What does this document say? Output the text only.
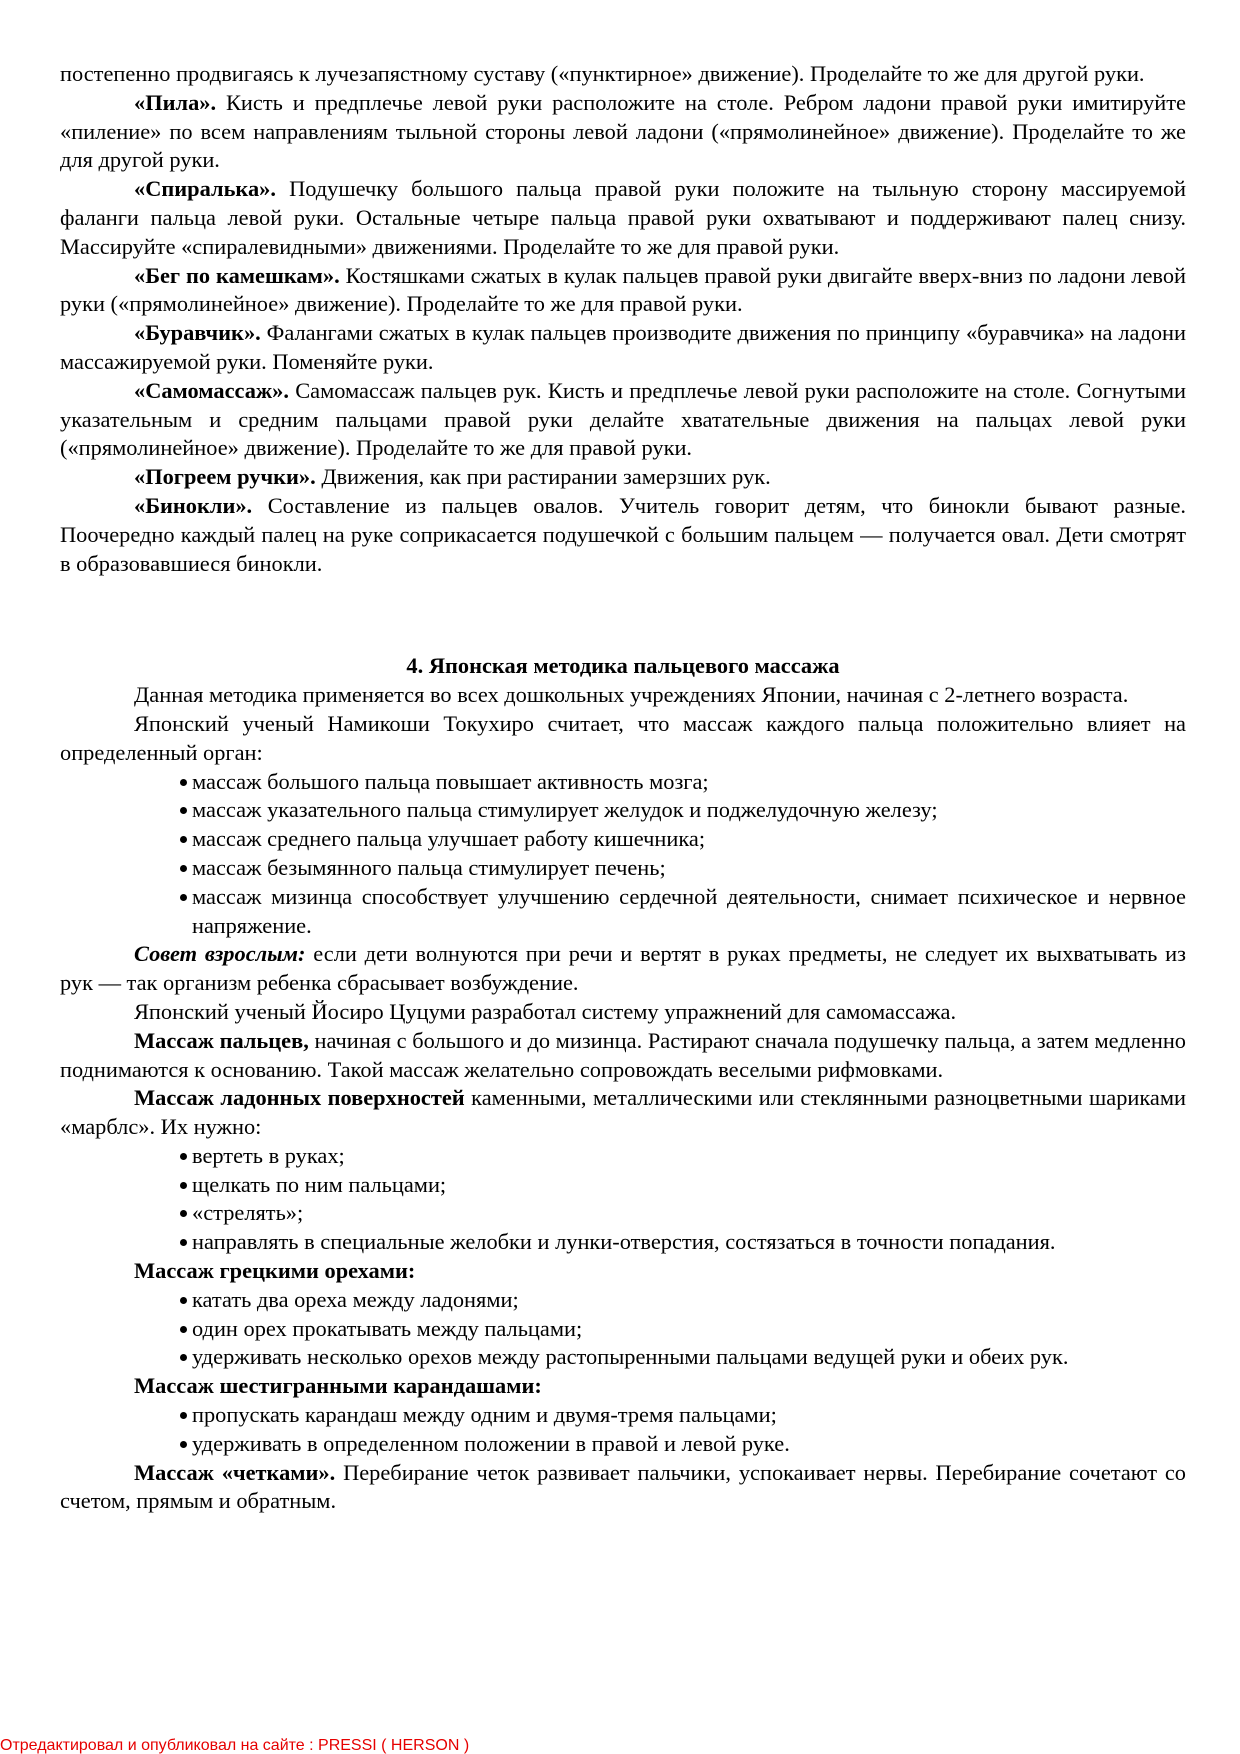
постепенно продвигаясь к лучезапястному суставу («пунктирное» движение). Проделайте то же для другой руки.

«Пила». Кисть и предплечье левой руки расположите на столе. Ребром ладони правой руки имитируйте «пиление» по всем направлениям тыльной стороны левой ладони («прямолинейное» движение). Проделайте то же для другой руки.

«Спиралька». Подушечку большого пальца правой руки положите на тыльную сторону массируемой фаланги пальца левой руки. Остальные четыре пальца правой руки охватывают и поддерживают палец снизу. Массируйте «спиралевидными» движениями. Проделайте то же для правой руки.

«Бег по камешкам». Костяшками сжатых в кулак пальцев правой руки двигайте вверх-вниз по ладони левой руки («прямолинейное» движение). Проделайте то же для правой руки.

«Буравчик». Фалангами сжатых в кулак пальцев производите движения по принципу «буравчика» на ладони массажируемой руки. Поменяйте руки.

«Самомассаж». Самомассаж пальцев рук. Кисть и предплечье левой руки расположите на столе. Согнутыми указательным и средним пальцами правой руки делайте хватательные движения на пальцах левой руки («прямолинейное» движение). Проделайте то же для правой руки.

«Погреем ручки». Движения, как при растирании замерзших рук.

«Бинокли». Составление из пальцев овалов. Учитель говорит детям, что бинокли бывают разные. Поочередно каждый палец на руке соприкасается подушечкой с большим пальцем — получается овал. Дети смотрят в образовавшиеся бинокли.

4. Японская методика пальцевого массажа

Данная методика применяется во всех дошкольных учреждениях Японии, начиная с 2-летнего возраста.

Японский ученый Намикоши Токухиро считает, что массаж каждого пальца положительно влияет на определенный орган:

массаж большого пальца повышает активность мозга;
массаж указательного пальца стимулирует желудок и поджелудочную железу;
массаж среднего пальца улучшает работу кишечника;
массаж безымянного пальца стимулирует печень;
массаж мизинца способствует улучшению сердечной деятельности, снимает психическое и нервное напряжение.

Совет взрослым: если дети волнуются при речи и вертят в руках предметы, не следует их выхватывать из рук — так организм ребенка сбрасывает возбуждение.

Японский ученый Йосиро Цуцуми разработал систему упражнений для самомассажа.

Массаж пальцев, начиная с большого и до мизинца. Растирают сначала подушечку пальца, а затем медленно поднимаются к основанию. Такой массаж желательно сопровождать веселыми рифмовками.

Массаж ладонных поверхностей каменными, металлическими или стеклянными разноцветными шариками «марблс». Их нужно:

вертеть в руках;
щелкать по ним пальцами;
«стрелять»;
направлять в специальные желобки и лунки-отверстия, состязаться в точности попадания.

Массаж грецкими орехами:

катать два ореха между ладонями;
один орех прокатывать между пальцами;
удерживать несколько орехов между растопыренными пальцами ведущей руки и обеих рук.

Массаж шестигранными карандашами:

пропускать карандаш между одним и двумя-тремя пальцами;
удерживать в определенном положении в правой и левой руке.

Массаж «четками». Перебирание четок развивает пальчики, успокаивает нервы. Перебирание сочетают со счетом, прямым и обратным.

Отредактировал и опубликовал на сайте : PRESSI ( HERSON )
